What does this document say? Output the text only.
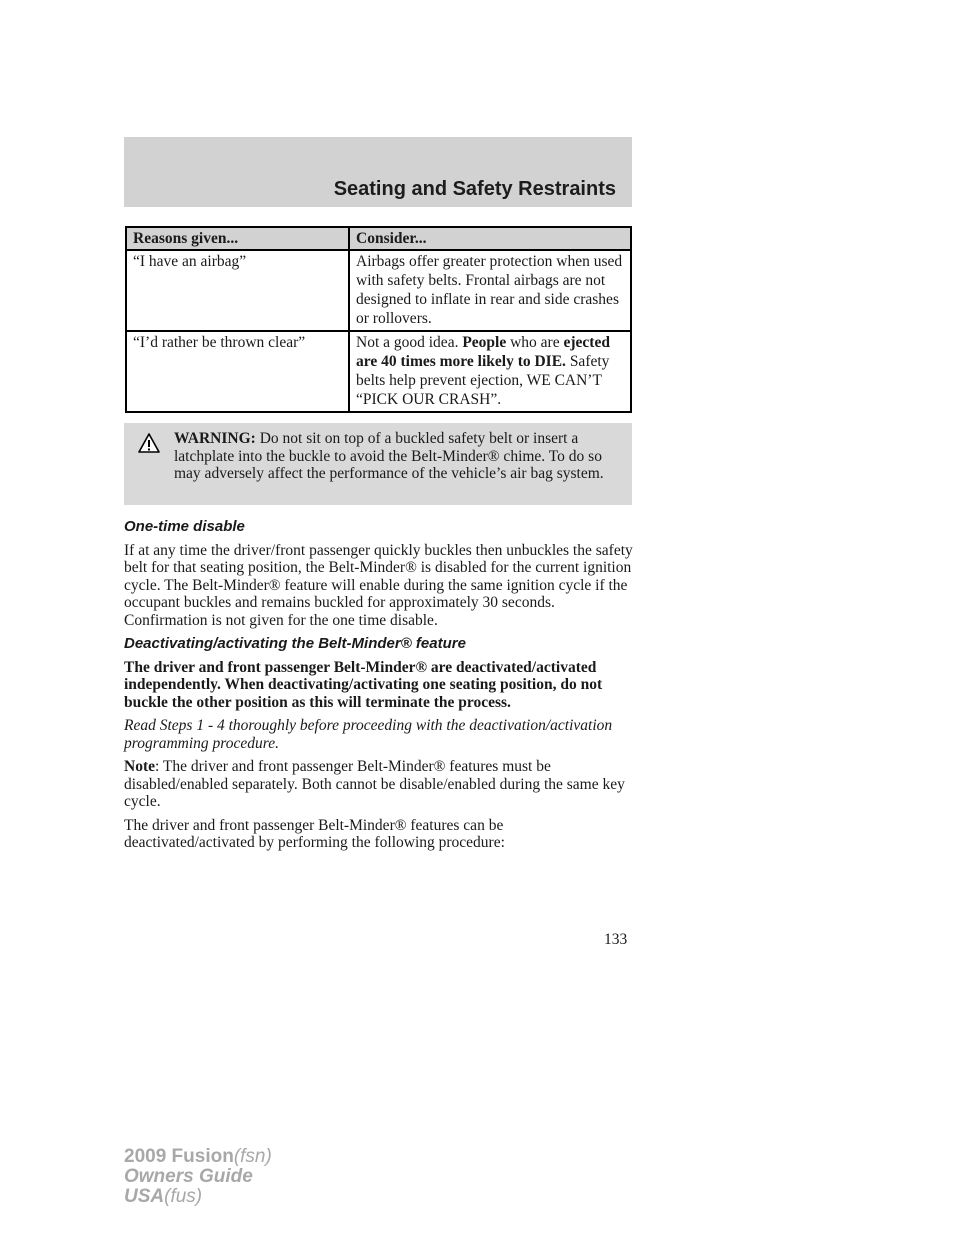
Seating and Safety Restraints
Reasons given...	Consider...
“I have an airbag”	Airbags offer greater protection when used with safety belts. Frontal airbags are not designed to inflate in rear and side crashes or rollovers.
“I’d rather be thrown clear”	Not a good idea. People who are ejected are 40 times more likely to DIE. Safety belts help prevent ejection, WE CAN’T “PICK OUR CRASH”.
WARNING: Do not sit on top of a buckled safety belt or insert a latchplate into the buckle to avoid the Belt-Minder® chime. To do so may adversely affect the performance of the vehicle’s air bag system.
One-time disable

If at any time the driver/front passenger quickly buckles then unbuckles the safety belt for that seating position, the Belt-Minder® is disabled for the current ignition cycle. The Belt-Minder® feature will enable during the same ignition cycle if the occupant buckles and remains buckled for approximately 30 seconds. Confirmation is not given for the one time disable.

Deactivating/activating the Belt-Minder® feature

The driver and front passenger Belt-Minder® are deactivated/activated independently. When deactivating/activating one seating position, do not buckle the other position as this will terminate the process.

Read Steps 1 - 4 thoroughly before proceeding with the deactivation/activation programming procedure.

Note: The driver and front passenger Belt-Minder® features must be disabled/enabled separately. Both cannot be disable/enabled during the same key cycle.

The driver and front passenger Belt-Minder® features can be deactivated/activated by performing the following procedure:

133
2009 Fusion(fsn)
Owners Guide
USA(fus)
